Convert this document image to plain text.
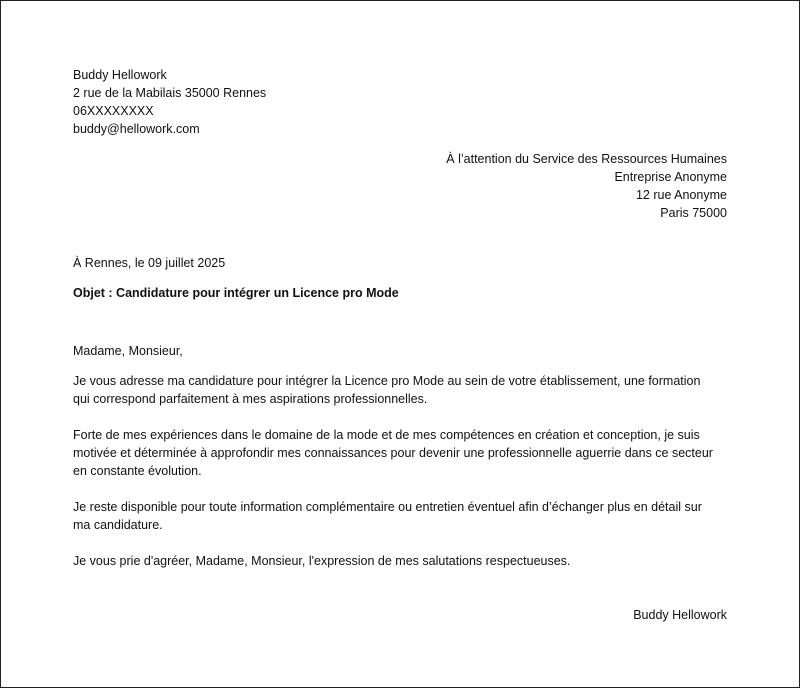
Buddy Hellowork
2 rue de la Mabilais 35000 Rennes
06XXXXXXXX
buddy@hellowork.com
À l’attention du Service des Ressources Humaines
Entreprise Anonyme
12 rue Anonyme
Paris 75000
À Rennes, le 09 juillet 2025
Objet : Candidature pour intégrer un Licence pro Mode
Madame, Monsieur,
Je vous adresse ma candidature pour intégrer la Licence pro Mode au sein de votre établissement, une formation
qui correspond parfaitement à mes aspirations professionnelles.
Forte de mes expériences dans le domaine de la mode et de mes compétences en création et conception, je suis
motivée et déterminée à approfondir mes connaissances pour devenir une professionnelle aguerrie dans ce secteur
en constante évolution.
Je reste disponible pour toute information complémentaire ou entretien éventuel afin d’échanger plus en détail sur
ma candidature.
Je vous prie d'agréer, Madame, Monsieur, l'expression de mes salutations respectueuses.
Buddy Hellowork
